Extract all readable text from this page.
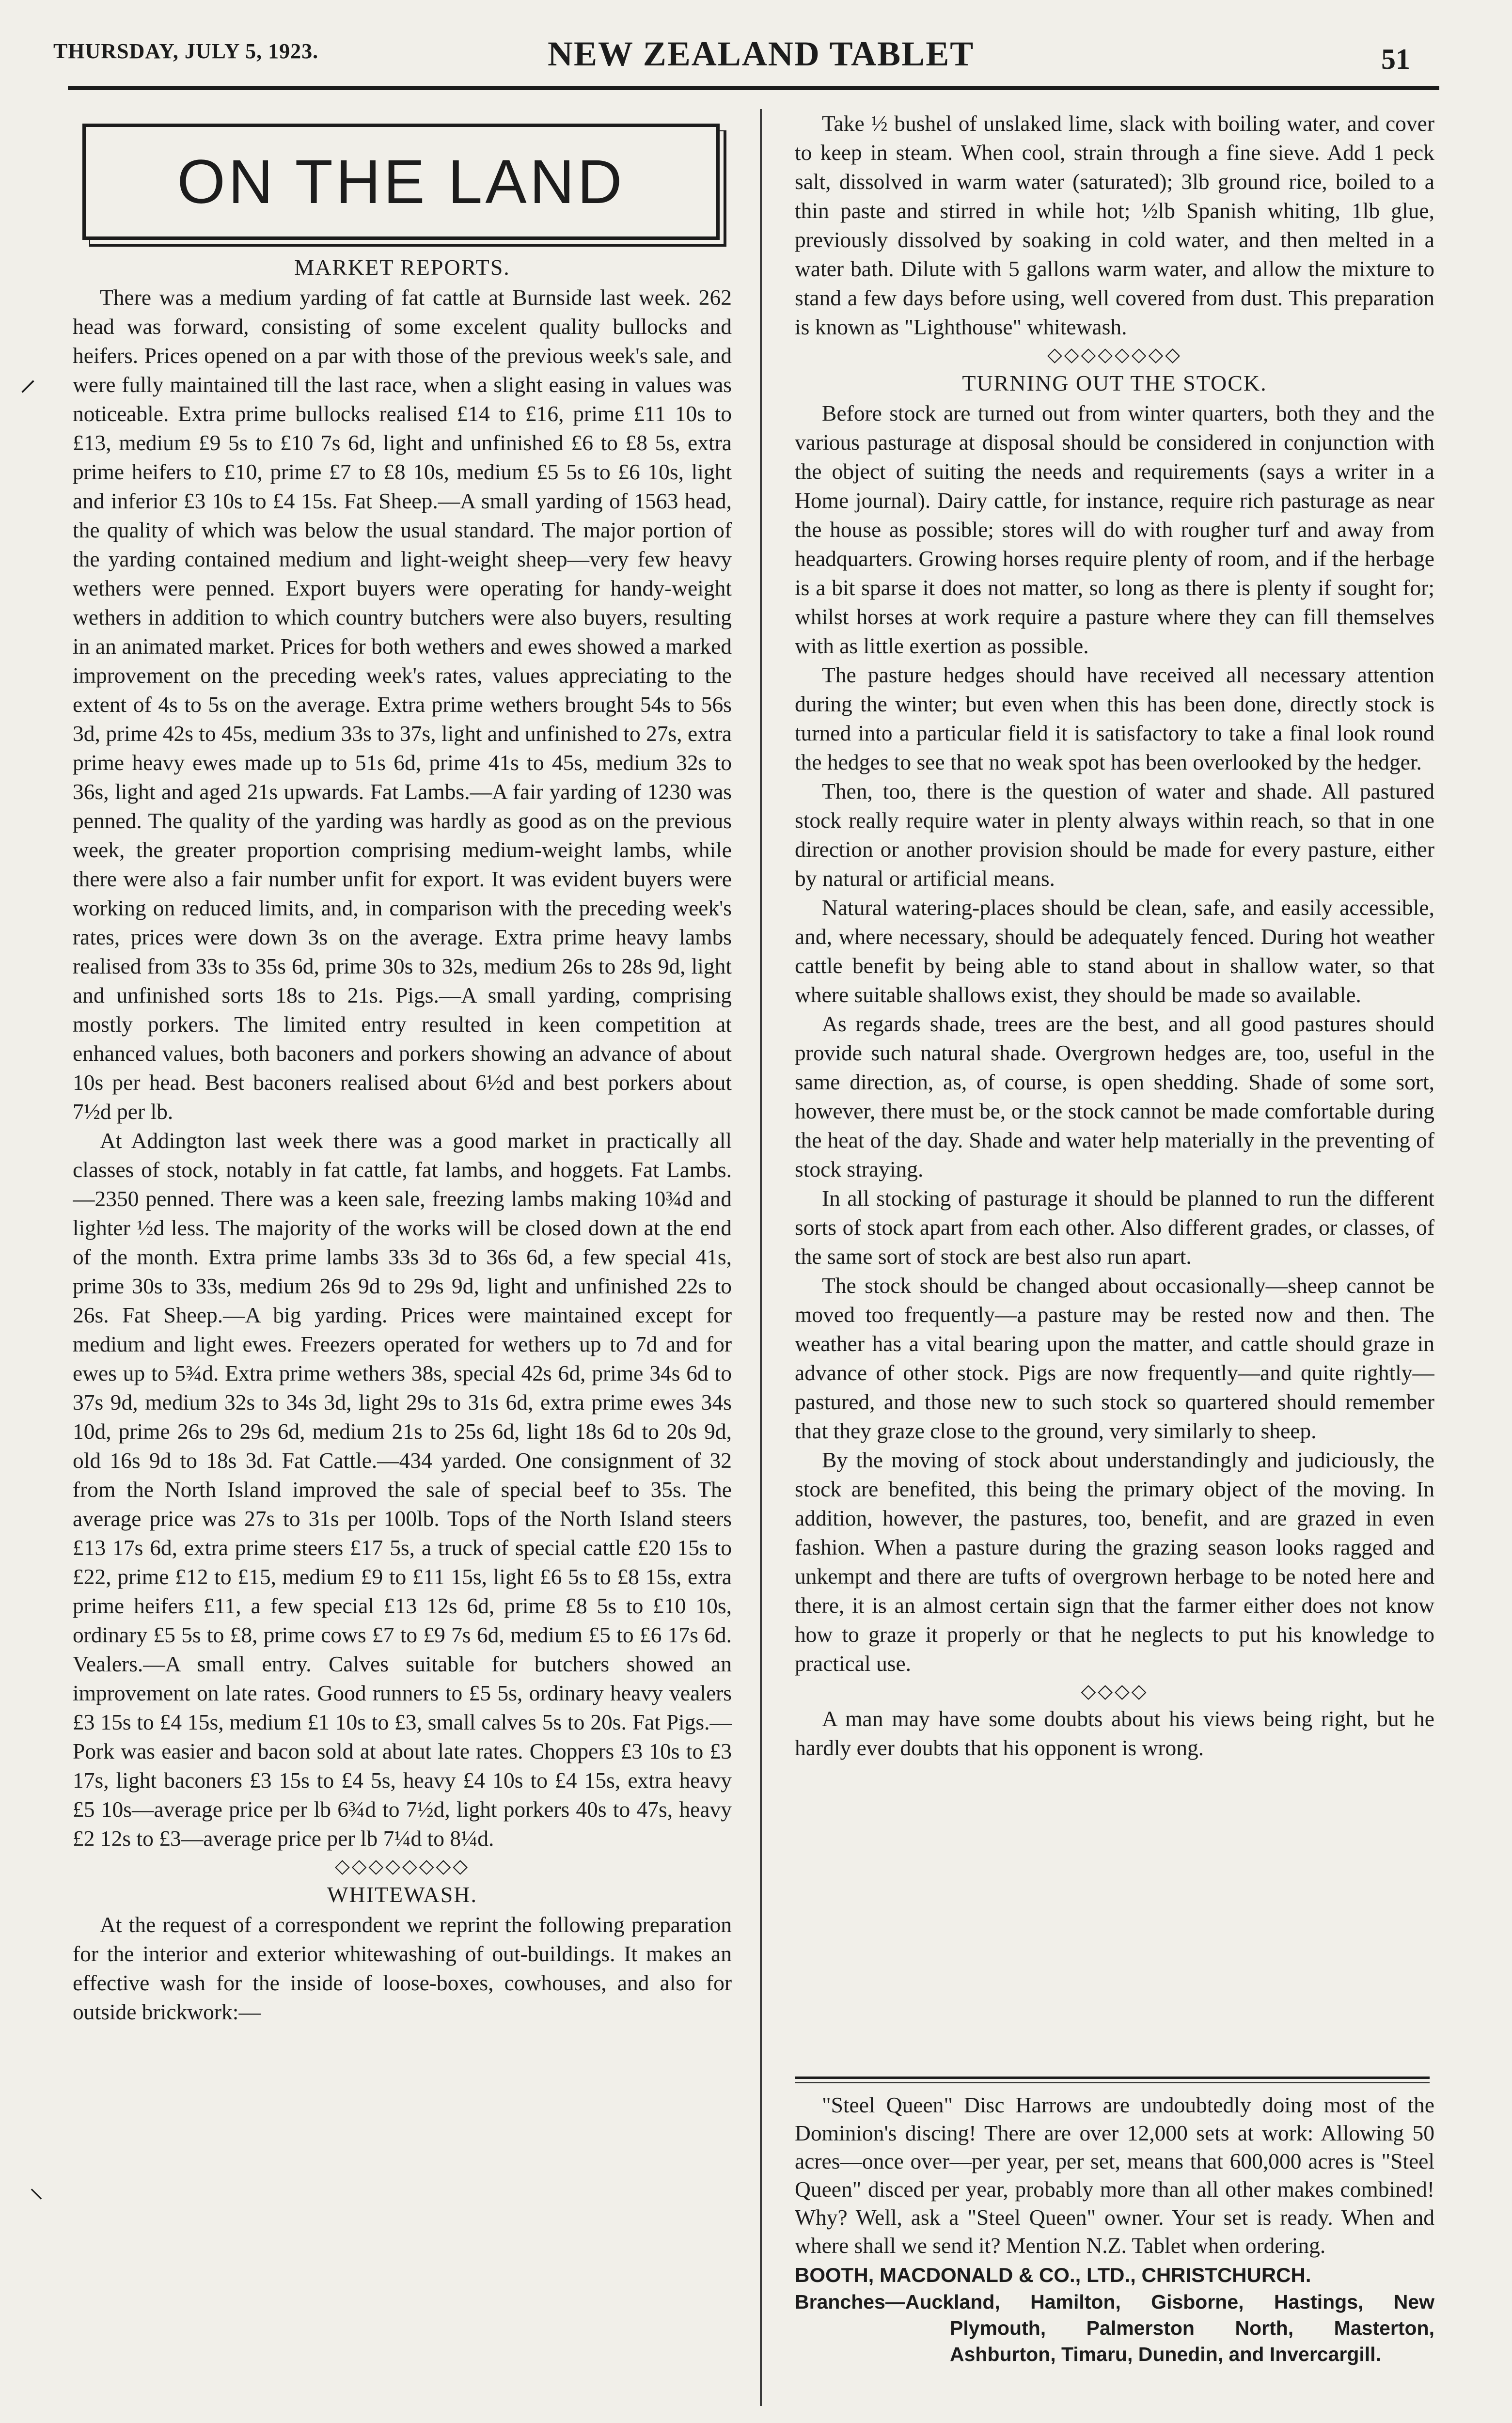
THURSDAY, JULY 5, 1923.	NEW ZEALAND TABLET	51
ON THE LAND
MARKET REPORTS.

There was a medium yarding of fat cattle at Burnside last week. 262 head was forward, consisting of some excelent quality bullocks and heifers. Prices opened on a par with those of the previous week's sale, and were fully maintained till the last race, when a slight easing in values was noticeable. Extra prime bullocks realised £14 to £16, prime £11 10s to £13, medium £9 5s to £10 7s 6d, light and unfinished £6 to £8 5s, extra prime heifers to £10, prime £7 to £8 10s, medium £5 5s to £6 10s, light and inferior £3 10s to £4 15s. Fat Sheep.—A small yarding of 1563 head, the quality of which was below the usual standard. The major portion of the yarding contained medium and light-weight sheep—very few heavy wethers were penned. Export buyers were operating for handy-weight wethers in addition to which country butchers were also buyers, resulting in an animated market. Prices for both wethers and ewes showed a marked improvement on the preceding week's rates, values appreciating to the extent of 4s to 5s on the average. Extra prime wethers brought 54s to 56s 3d, prime 42s to 45s, medium 33s to 37s, light and unfinished to 27s, extra prime heavy ewes made up to 51s 6d, prime 41s to 45s, medium 32s to 36s, light and aged 21s upwards. Fat Lambs.—A fair yarding of 1230 was penned. The quality of the yarding was hardly as good as on the previous week, the greater proportion comprising medium-weight lambs, while there were also a fair number unfit for export. It was evident buyers were working on reduced limits, and, in comparison with the preceding week's rates, prices were down 3s on the average. Extra prime heavy lambs realised from 33s to 35s 6d, prime 30s to 32s, medium 26s to 28s 9d, light and unfinished sorts 18s to 21s. Pigs.—A small yarding, comprising mostly porkers. The limited entry resulted in keen competition at enhanced values, both baconers and porkers showing an advance of about 10s per head. Best baconers realised about 6½d and best porkers about 7½d per lb.

At Addington last week there was a good market in practically all classes of stock, notably in fat cattle, fat lambs, and hoggets. Fat Lambs.—2350 penned. There was a keen sale, freezing lambs making 10¾d and lighter ½d less. The majority of the works will be closed down at the end of the month. Extra prime lambs 33s 3d to 36s 6d, a few special 41s, prime 30s to 33s, medium 26s 9d to 29s 9d, light and unfinished 22s to 26s. Fat Sheep.—A big yarding. Prices were maintained except for medium and light ewes. Freezers operated for wethers up to 7d and for ewes up to 5¾d. Extra prime wethers 38s, special 42s 6d, prime 34s 6d to 37s 9d, medium 32s to 34s 3d, light 29s to 31s 6d, extra prime ewes 34s 10d, prime 26s to 29s 6d, medium 21s to 25s 6d, light 18s 6d to 20s 9d, old 16s 9d to 18s 3d. Fat Cattle.—434 yarded. One consignment of 32 from the North Island improved the sale of special beef to 35s. The average price was 27s to 31s per 100lb. Tops of the North Island steers £13 17s 6d, extra prime steers £17 5s, a truck of special cattle £20 15s to £22, prime £12 to £15, medium £9 to £11 15s, light £6 5s to £8 15s, extra prime heifers £11, a few special £13 12s 6d, prime £8 5s to £10 10s, ordinary £5 5s to £8, prime cows £7 to £9 7s 6d, medium £5 to £6 17s 6d. Vealers.—A small entry. Calves suitable for butchers showed an improvement on late rates. Good runners to £5 5s, ordinary heavy vealers £3 15s to £4 15s, medium £1 10s to £3, small calves 5s to 20s. Fat Pigs.—Pork was easier and bacon sold at about late rates. Choppers £3 10s to £3 17s, light baconers £3 15s to £4 5s, heavy £4 10s to £4 15s, extra heavy £5 10s—average price per lb 6¾d to 7½d, light porkers 40s to 47s, heavy £2 12s to £3—average price per lb 7¼d to 8¼d.

◇◇◇◇◇◇◇◇
WHITEWASH.

At the request of a correspondent we reprint the following preparation for the interior and exterior whitewashing of out-buildings. It makes an effective wash for the inside of loose-boxes, cowhouses, and also for outside brickwork:—

Take ½ bushel of unslaked lime, slack with boiling water, and cover to keep in steam. When cool, strain through a fine sieve. Add 1 peck salt, dissolved in warm water (saturated); 3lb ground rice, boiled to a thin paste and stirred in while hot; ½lb Spanish whiting, 1lb glue, previously dissolved by soaking in cold water, and then melted in a water bath. Dilute with 5 gallons warm water, and allow the mixture to stand a few days before using, well covered from dust. This preparation is known as "Lighthouse" whitewash.

◇◇◇◇◇◇◇◇
TURNING OUT THE STOCK.

Before stock are turned out from winter quarters, both they and the various pasturage at disposal should be considered in conjunction with the object of suiting the needs and requirements (says a writer in a Home journal). Dairy cattle, for instance, require rich pasturage as near the house as possible; stores will do with rougher turf and away from headquarters. Growing horses require plenty of room, and if the herbage is a bit sparse it does not matter, so long as there is plenty if sought for; whilst horses at work require a pasture where they can fill themselves with as little exertion as possible.

The pasture hedges should have received all necessary attention during the winter; but even when this has been done, directly stock is turned into a particular field it is satisfactory to take a final look round the hedges to see that no weak spot has been overlooked by the hedger.

Then, too, there is the question of water and shade. All pastured stock really require water in plenty always within reach, so that in one direction or another provision should be made for every pasture, either by natural or artificial means.

Natural watering-places should be clean, safe, and easily accessible, and, where necessary, should be adequately fenced. During hot weather cattle benefit by being able to stand about in shallow water, so that where suitable shallows exist, they should be made so available.

As regards shade, trees are the best, and all good pastures should provide such natural shade. Overgrown hedges are, too, useful in the same direction, as, of course, is open shedding. Shade of some sort, however, there must be, or the stock cannot be made comfortable during the heat of the day. Shade and water help materially in the preventing of stock straying.

In all stocking of pasturage it should be planned to run the different sorts of stock apart from each other. Also different grades, or classes, of the same sort of stock are best also run apart.

The stock should be changed about occasionally—sheep cannot be moved too frequently—a pasture may be rested now and then. The weather has a vital bearing upon the matter, and cattle should graze in advance of other stock. Pigs are now frequently—and quite rightly—pastured, and those new to such stock so quartered should remember that they graze close to the ground, very similarly to sheep.

By the moving of stock about understandingly and judiciously, the stock are benefited, this being the primary object of the moving. In addition, however, the pastures, too, benefit, and are grazed in even fashion. When a pasture during the grazing season looks ragged and unkempt and there are tufts of overgrown herbage to be noted here and there, it is an almost certain sign that the farmer either does not know how to graze it properly or that he neglects to put his knowledge to practical use.

◇◇◇◇

A man may have some doubts about his views being right, but he hardly ever doubts that his opponent is wrong.

"Steel Queen" Disc Harrows are undoubtedly doing most of the Dominion's discing! There are over 12,000 sets at work: Allowing 50 acres—once over—per year, per set, means that 600,000 acres is "Steel Queen" disced per year, probably more than all other makes combined! Why? Well, ask a "Steel Queen" owner. Your set is ready. When and where shall we send it? Mention N.Z. Tablet when ordering.
BOOTH, MACDONALD & CO., LTD., CHRISTCHURCH.
Branches—Auckland, Hamilton, Gisborne, Hastings, New Plymouth, Palmerston North, Masterton, Ashburton, Timaru, Dunedin, and Invercargill.
⸝
⸜
